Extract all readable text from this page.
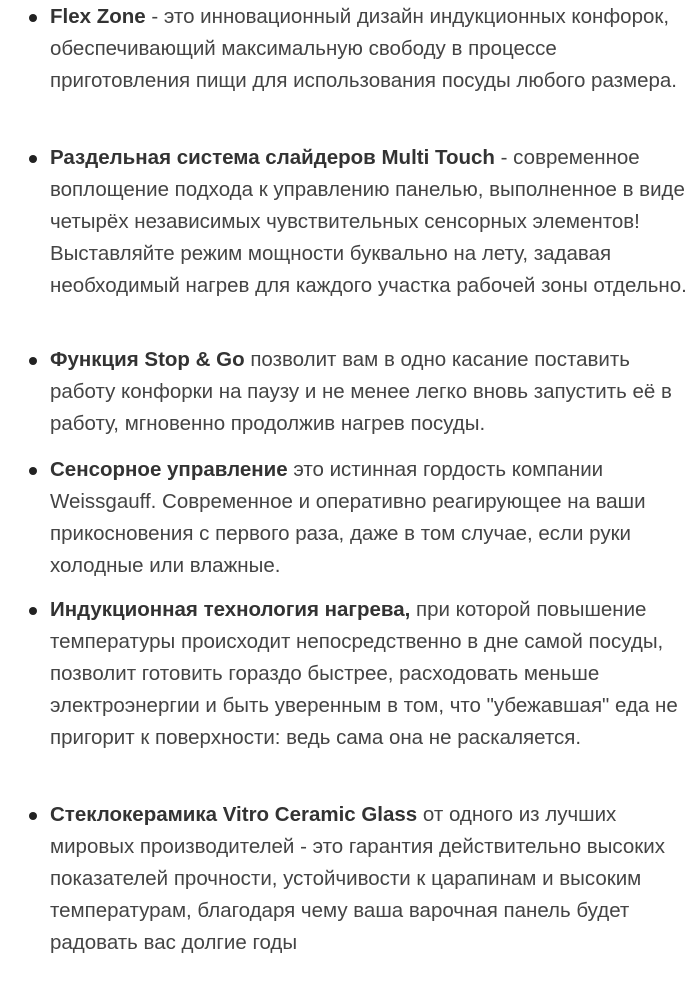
Flex Zone - это инновационный дизайн индукционных конфорок, обеспечивающий максимальную свободу в процессе приготовления пищи для использования посуды любого размера.
Раздельная система слайдеров Multi Touch - современное воплощение подхода к управлению панелью, выполненное в виде четырёх независимых чувствительных сенсорных элементов! Выставляйте режим мощности буквально на лету, задавая необходимый нагрев для каждого участка рабочей зоны отдельно.
Функция Stop & Go позволит вам в одно касание поставить работу конфорки на паузу и не менее легко вновь запустить её в работу, мгновенно продолжив нагрев посуды.
Сенсорное управление это истинная гордость компании Weissgauff. Современное и оперативно реагирующее на ваши прикосновения с первого раза, даже в том случае, если руки холодные или влажные.
Индукционная технология нагрева, при которой повышение температуры происходит непосредственно в дне самой посуды, позволит готовить гораздо быстрее, расходовать меньше электроэнергии и быть уверенным в том, что "убежавшая" еда не пригорит к поверхности: ведь сама она не раскаляется.
Стеклокерамика Vitro Ceramic Glass от одного из лучших мировых производителей - это гарантия действительно высоких показателей прочности, устойчивости к царапинам и высоким температурам, благодаря чему ваша варочная панель будет радовать вас долгие годы
